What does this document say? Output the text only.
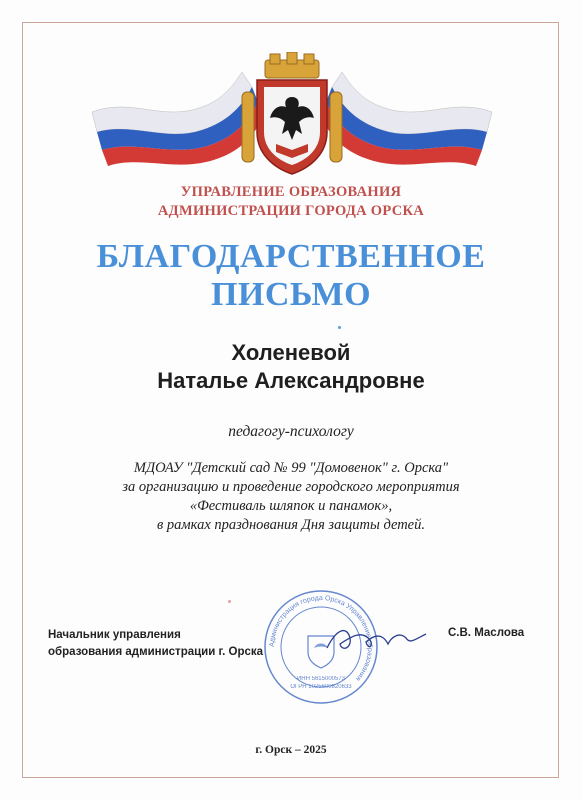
УПРАВЛЕНИЕ ОБРАЗОВАНИЯ
АДМИНИСТРАЦИИ ГОРОДА ОРСКА
БЛАГОДАРСТВЕННОЕ
ПИСЬМО
Холеневой
Наталье Александровне
педагогу-психологу
МДОАУ "Детский сад № 99 "Домовенок" г. Орска"
за организацию и проведение городского мероприятия
«Фестиваль шляпок и панамок»,
в рамках празднования Дня защиты детей.
Начальник управления
образования администрации г. Орска
Администрация города Орска Управление образования
ИНН 5615000573
ОГРН 1025600820633
С.В. Маслова
г. Орск – 2025
